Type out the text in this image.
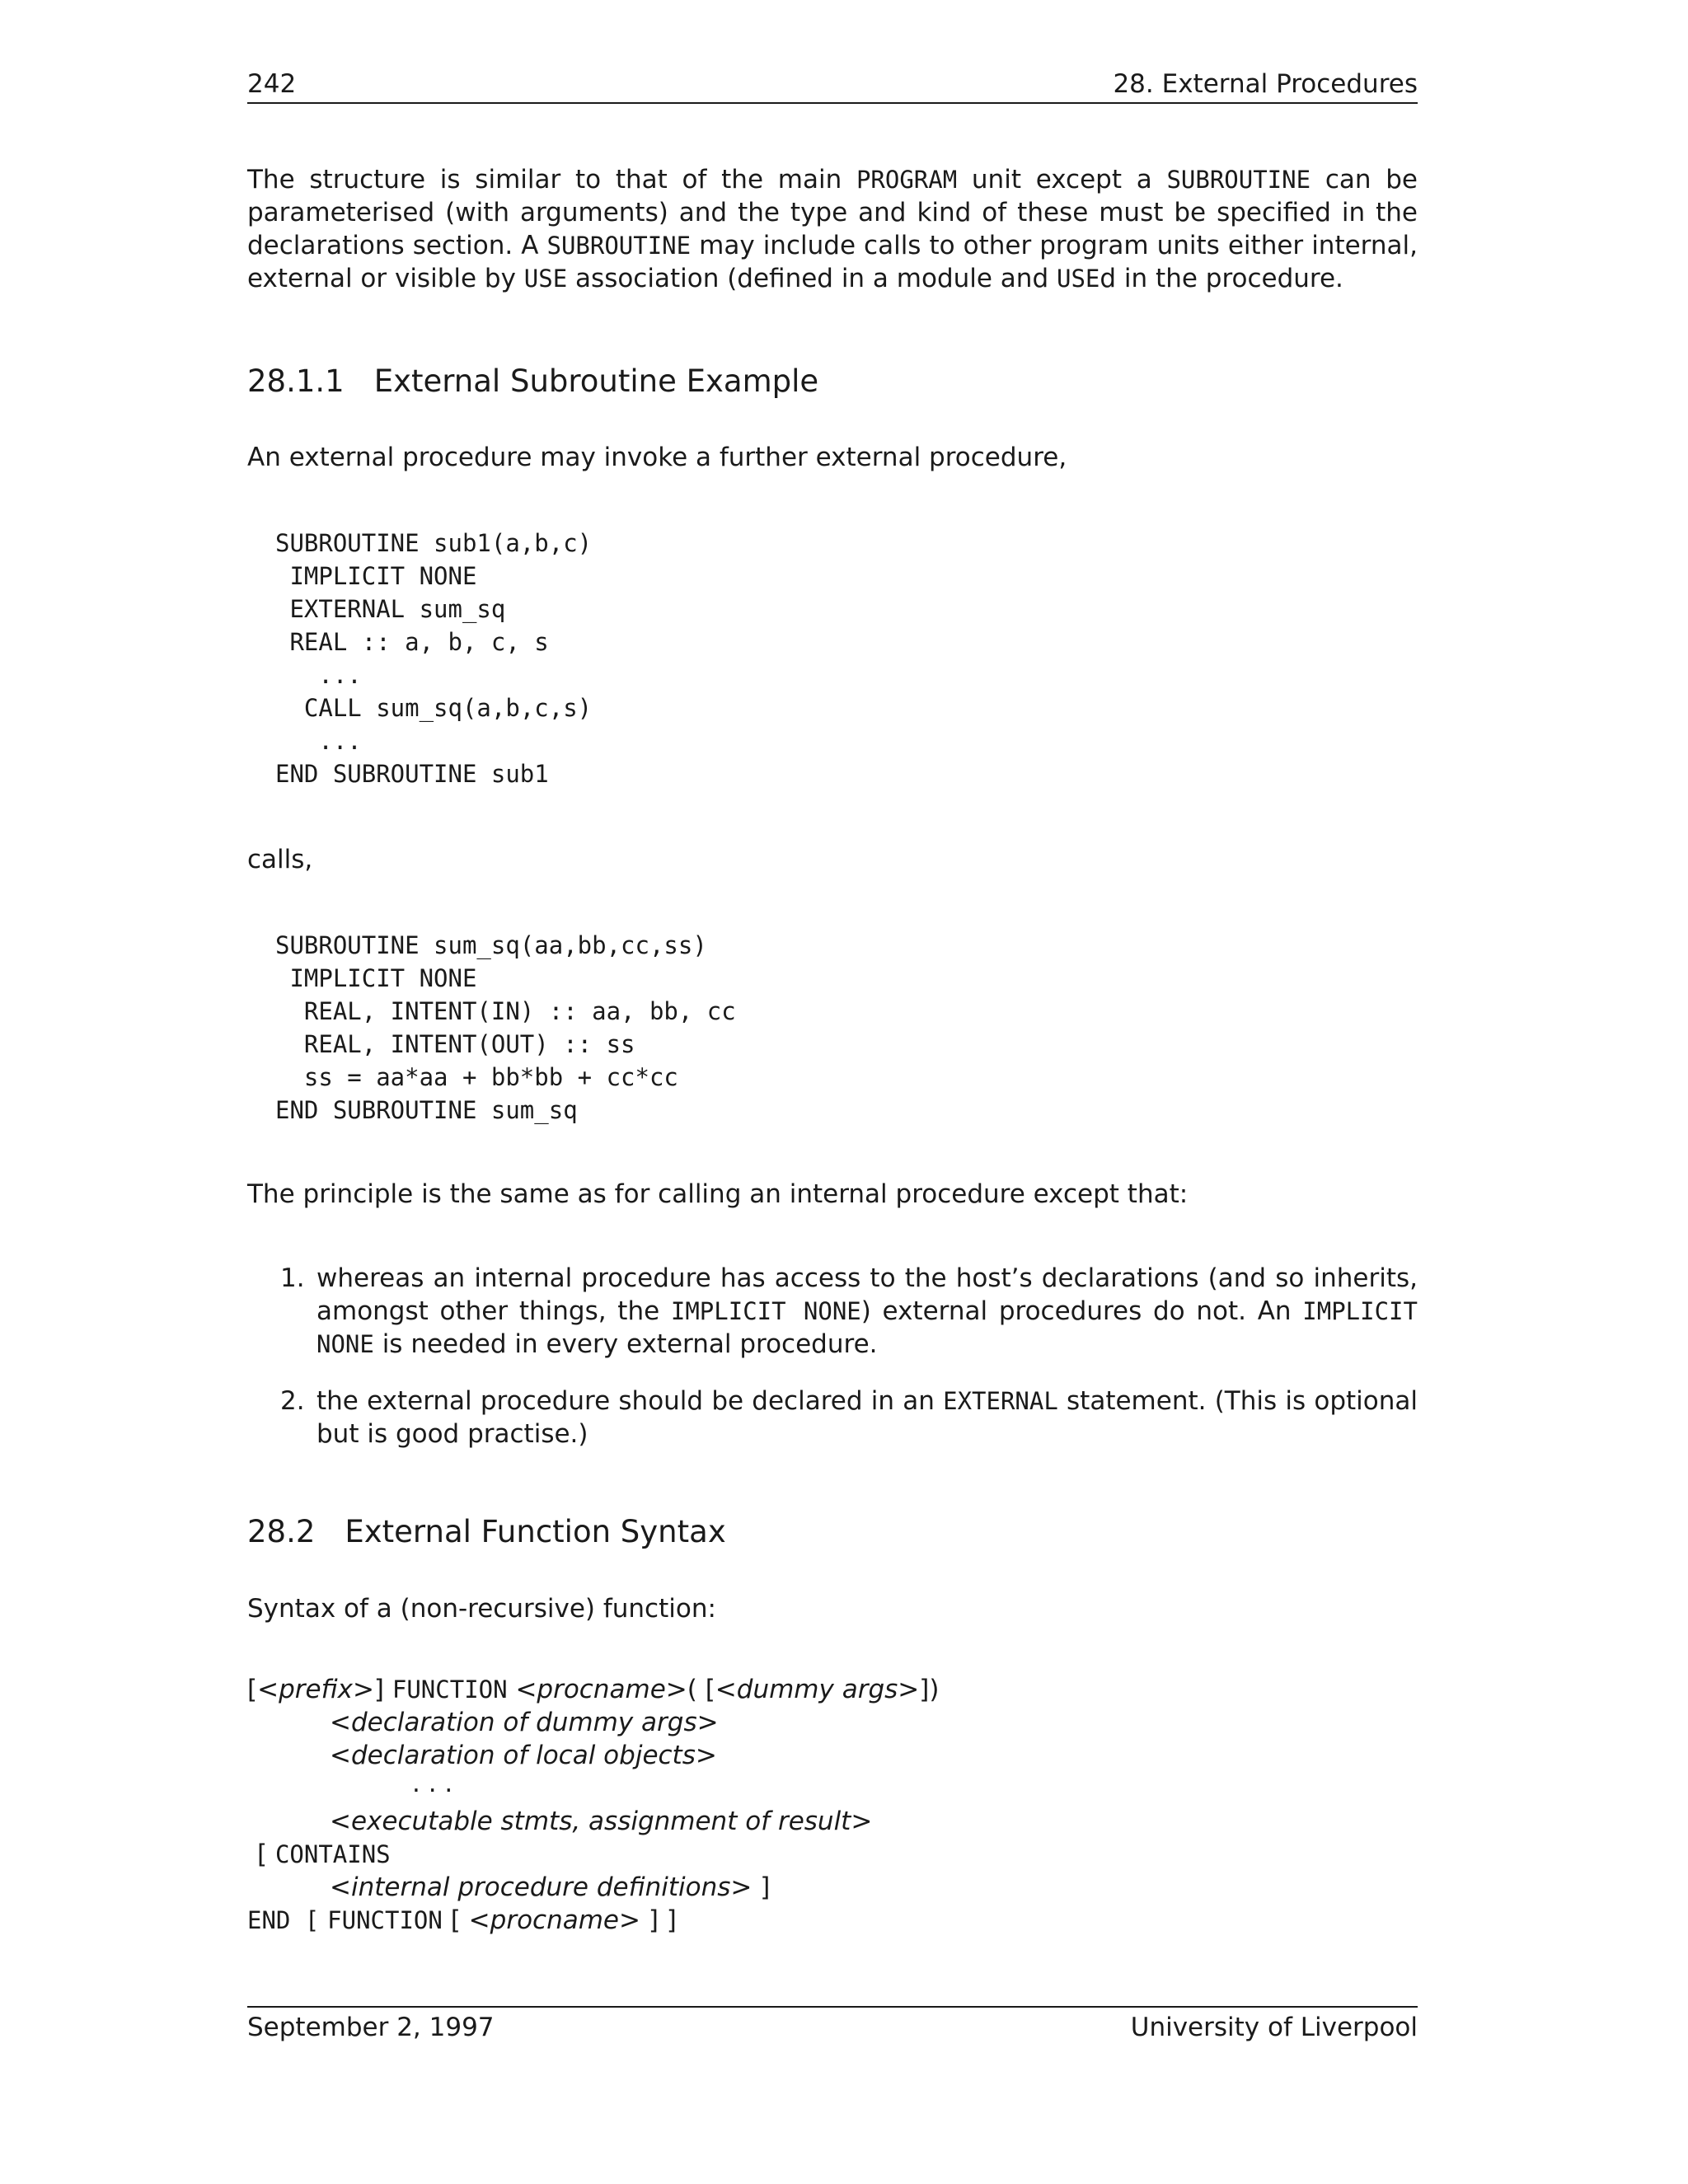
242	28. External Procedures
The structure is similar to that of the main PROGRAM unit except a SUBROUTINE can be parameterised (with arguments) and the type and kind of these must be specified in the declarations section. A SUBROUTINE may include calls to other program units either internal, external or visible by USE association (defined in a module and USEd in the procedure.
28.1.1 External Subroutine Example
An external procedure may invoke a further external procedure,
SUBROUTINE sub1(a,b,c)
IMPLICIT NONE
EXTERNAL sum_sq
REAL :: a, b, c, s
...
CALL sum_sq(a,b,c,s)
...
END SUBROUTINE sub1
calls,
SUBROUTINE sum_sq(aa,bb,cc,ss)
IMPLICIT NONE
REAL, INTENT(IN) :: aa, bb, cc
REAL, INTENT(OUT) :: ss
ss = aa*aa + bb*bb + cc*cc
END SUBROUTINE sum_sq
The principle is the same as for calling an internal procedure except that:
1. whereas an internal procedure has access to the host’s declarations (and so inherits, amongst other things, the IMPLICIT NONE) external procedures do not. An IMPLICIT NONE is needed in every external procedure.
2. the external procedure should be declared in an EXTERNAL statement. (This is optional but is good practise.)
28.2 External Function Syntax
Syntax of a (non-recursive) function:
[<prefix>] FUNCTION <procname>( [<dummy args>])
<declaration of dummy args>
<declaration of local objects>
. . .
<executable stmts, assignment of result>
[ CONTAINS
<internal procedure definitions> ]
END [ FUNCTION [ <procname> ] ]
September 2, 1997	University of Liverpool
